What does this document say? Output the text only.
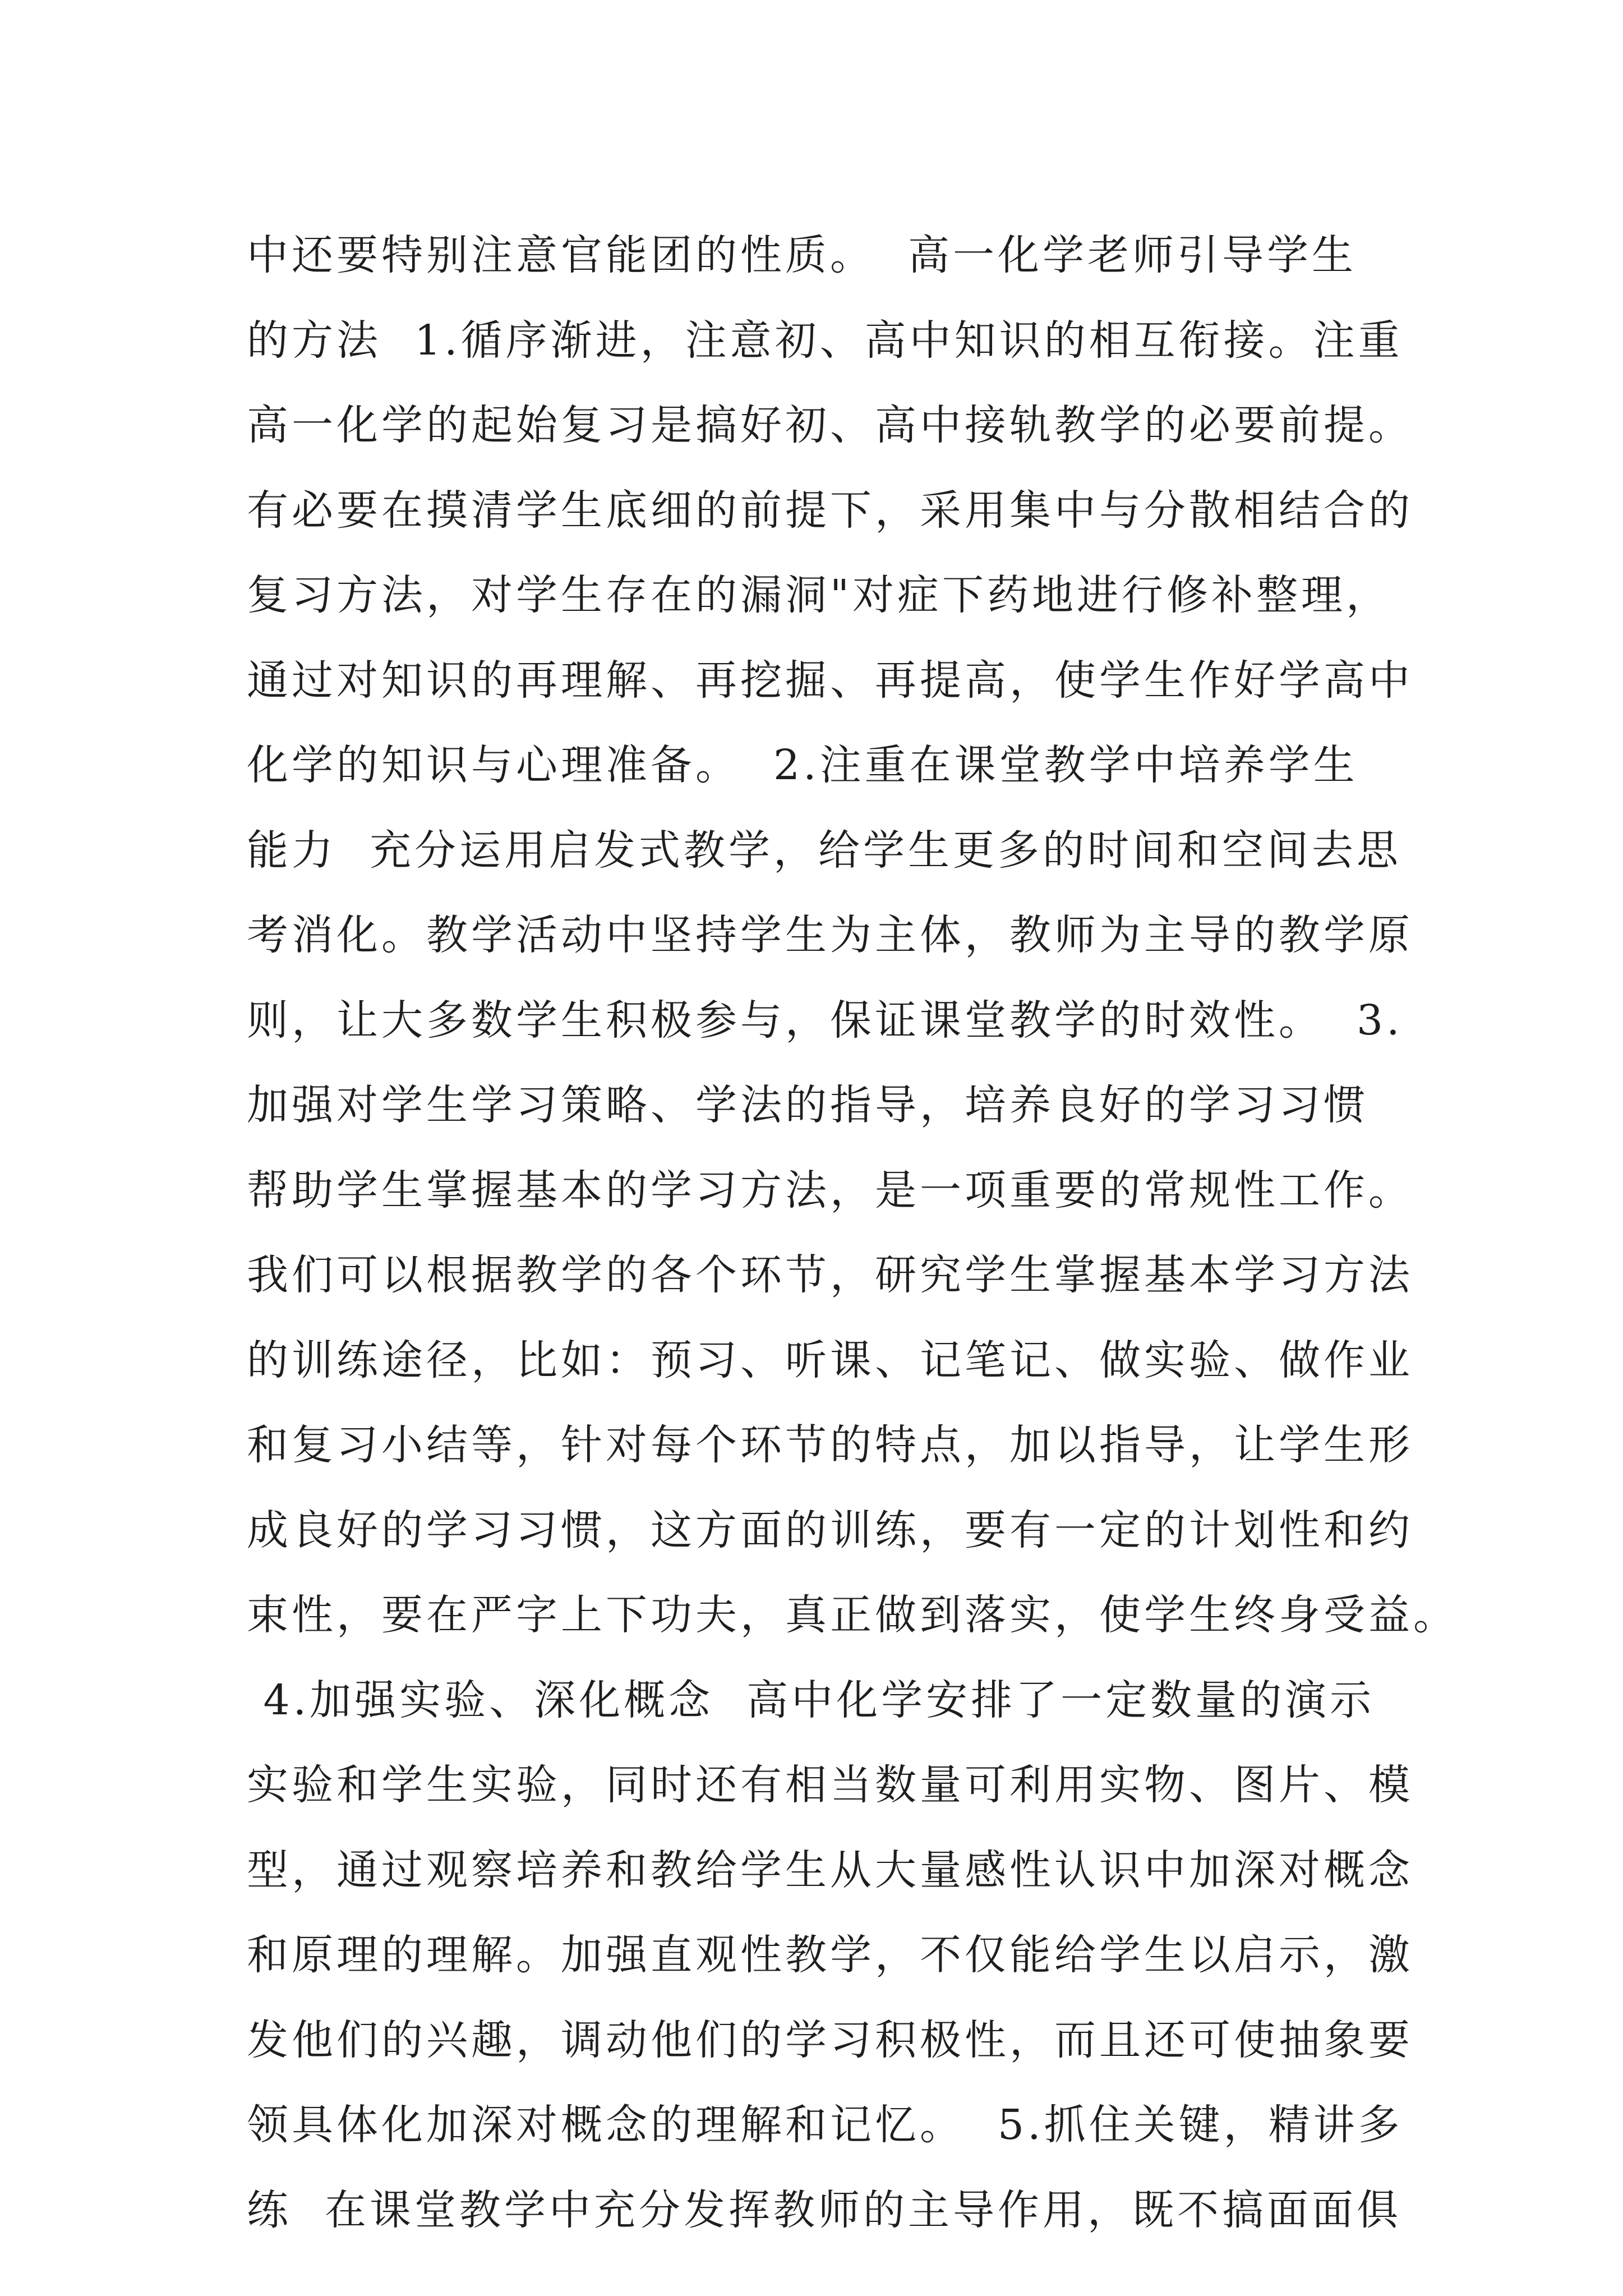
中还要特别注意官能团的性质。  高一化学老师引导学生
的方法  1.循序渐进，注意初、高中知识的相互衔接。注重
高一化学的起始复习是搞好初、高中接轨教学的必要前提。
有必要在摸清学生底细的前提下，采用集中与分散相结合的
复习方法，对学生存在的漏洞"对症下药地进行修补整理，
通过对知识的再理解、再挖掘、再提高，使学生作好学高中
化学的知识与心理准备。  2.注重在课堂教学中培养学生
能力  充分运用启发式教学，给学生更多的时间和空间去思
考消化。教学活动中坚持学生为主体，教师为主导的教学原
则，让大多数学生积极参与，保证课堂教学的时效性。  3.
加强对学生学习策略、学法的指导，培养良好的学习习惯
帮助学生掌握基本的学习方法，是一项重要的常规性工作。
我们可以根据教学的各个环节，研究学生掌握基本学习方法
的训练途径，比如：预习、听课、记笔记、做实验、做作业
和复习小结等，针对每个环节的特点，加以指导，让学生形
成良好的学习习惯，这方面的训练，要有一定的计划性和约
束性，要在严字上下功夫，真正做到落实，使学生终身受益。
4.加强实验、深化概念  高中化学安排了一定数量的演示
实验和学生实验，同时还有相当数量可利用实物、图片、模
型，通过观察培养和教给学生从大量感性认识中加深对概念
和原理的理解。加强直观性教学，不仅能给学生以启示，激
发他们的兴趣，调动他们的学习积极性，而且还可使抽象要
领具体化加深对概念的理解和记忆。  5.抓住关键，精讲多
练  在课堂教学中充分发挥教师的主导作用，既不搞面面俱
